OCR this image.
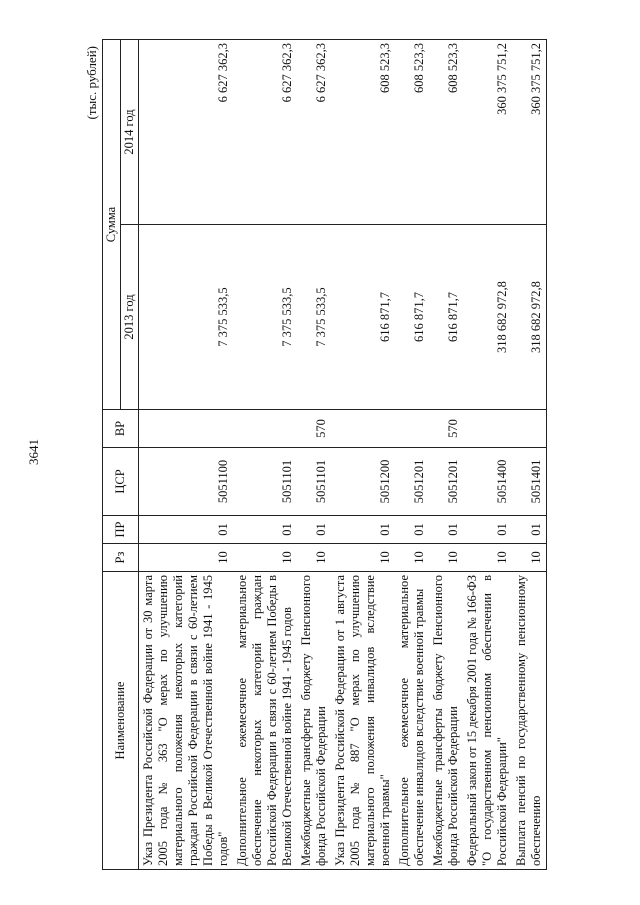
3641
(тыс. рублей)
Наименование	Рз	ПР	ЦСР	ВР	Сумма	
					2013 год	2014 год
Указ Президента Российской Федерации от 30 марта 2005 года № 363 "О мерах по улучшению материального положения некоторых категорий граждан Российской Федерации в связи с 60-летием Победы в Великой Отечественной войне 1941 - 1945 годов"	10	01	5051100		7 375 533,5	6 627 362,3
Дополнительное ежемесячное материальное обеспечение некоторых категорий граждан Российской Федерации в связи с 60-летием Победы в Великой Отечественной войне 1941 - 1945 годов	10	01	5051101		7 375 533,5	6 627 362,3
Межбюджетные трансферты бюджету Пенсионного фонда Российской Федерации	10	01	5051101	570	7 375 533,5	6 627 362,3
Указ Президента Российской Федерации от 1 августа 2005 года № 887 "О мерах по улучшению материального положения инвалидов вследствие военной травмы"	10	01	5051200		616 871,7	608 523,3
Дополнительное ежемесячное материальное обеспечение инвалидов вследствие военной травмы	10	01	5051201		616 871,7	608 523,3
Межбюджетные трансферты бюджету Пенсионного фонда Российской Федерации	10	01	5051201	570	616 871,7	608 523,3
Федеральный закон от 15 декабря 2001 года № 166-ФЗ "О государственном пенсионном обеспечении в Российской Федерации"	10	01	5051400		318 682 972,8	360 375 751,2
Выплата пенсий по государственному пенсионному обеспечению	10	01	5051401		318 682 972,8	360 375 751,2
